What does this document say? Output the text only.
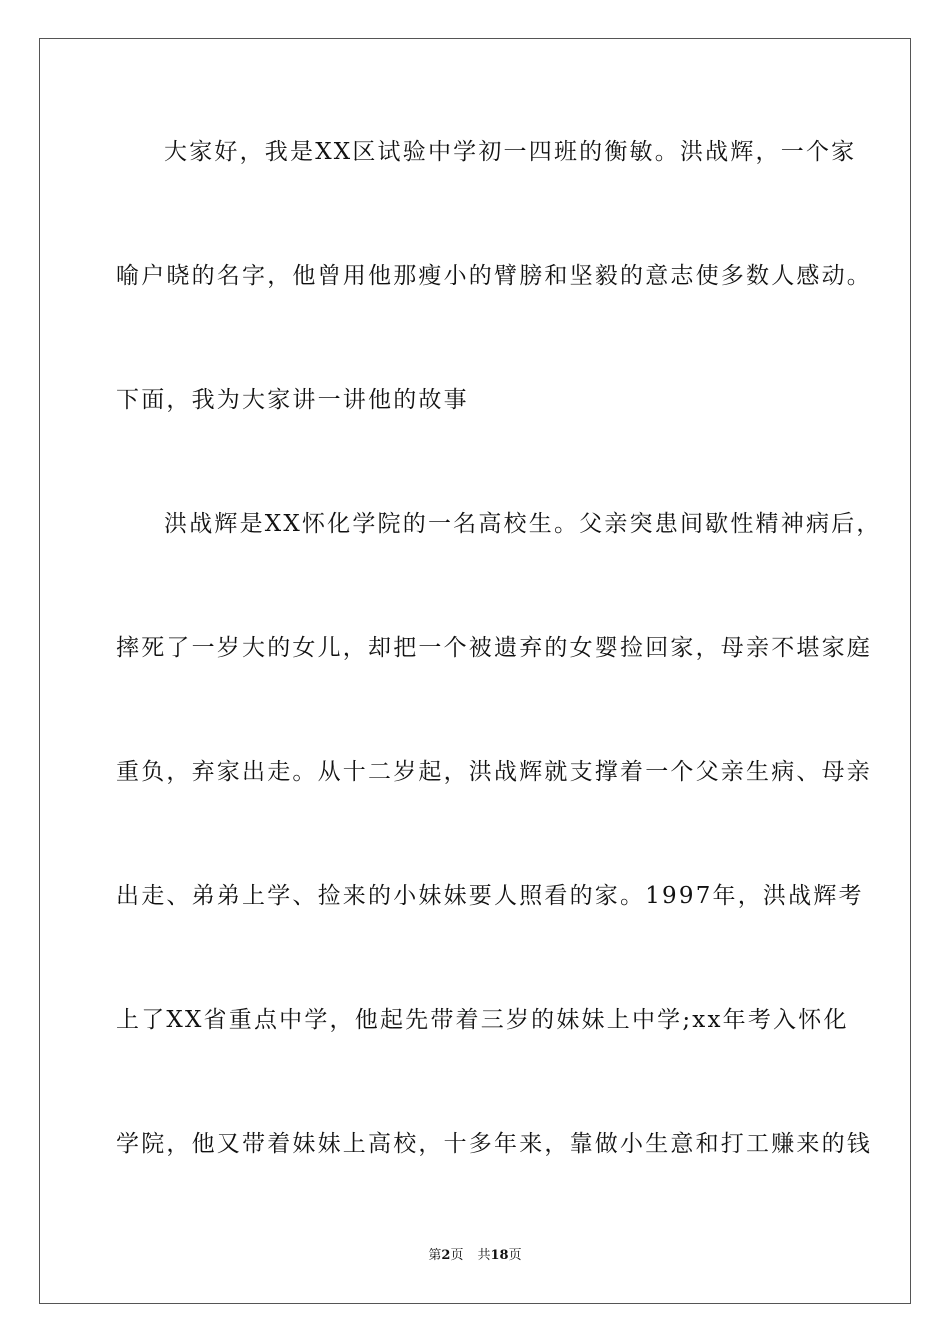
大家好，我是XX区试验中学初一四班的衡敏。洪战辉，一个家
喻户晓的名字，他曾用他那瘦小的臂膀和坚毅的意志使多数人感动。
下面，我为大家讲一讲他的故事
洪战辉是XX怀化学院的一名高校生。父亲突患间歇性精神病后，
摔死了一岁大的女儿，却把一个被遗弃的女婴捡回家，母亲不堪家庭
重负，弃家出走。从十二岁起，洪战辉就支撑着一个父亲生病、母亲
出走、弟弟上学、捡来的小妹妹要人照看的家。1997年，洪战辉考
上了XX省重点中学，他起先带着三岁的妹妹上中学;xx年考入怀化
学院，他又带着妹妹上高校，十多年来，靠做小生意和打工赚来的钱
第2页 共18页
